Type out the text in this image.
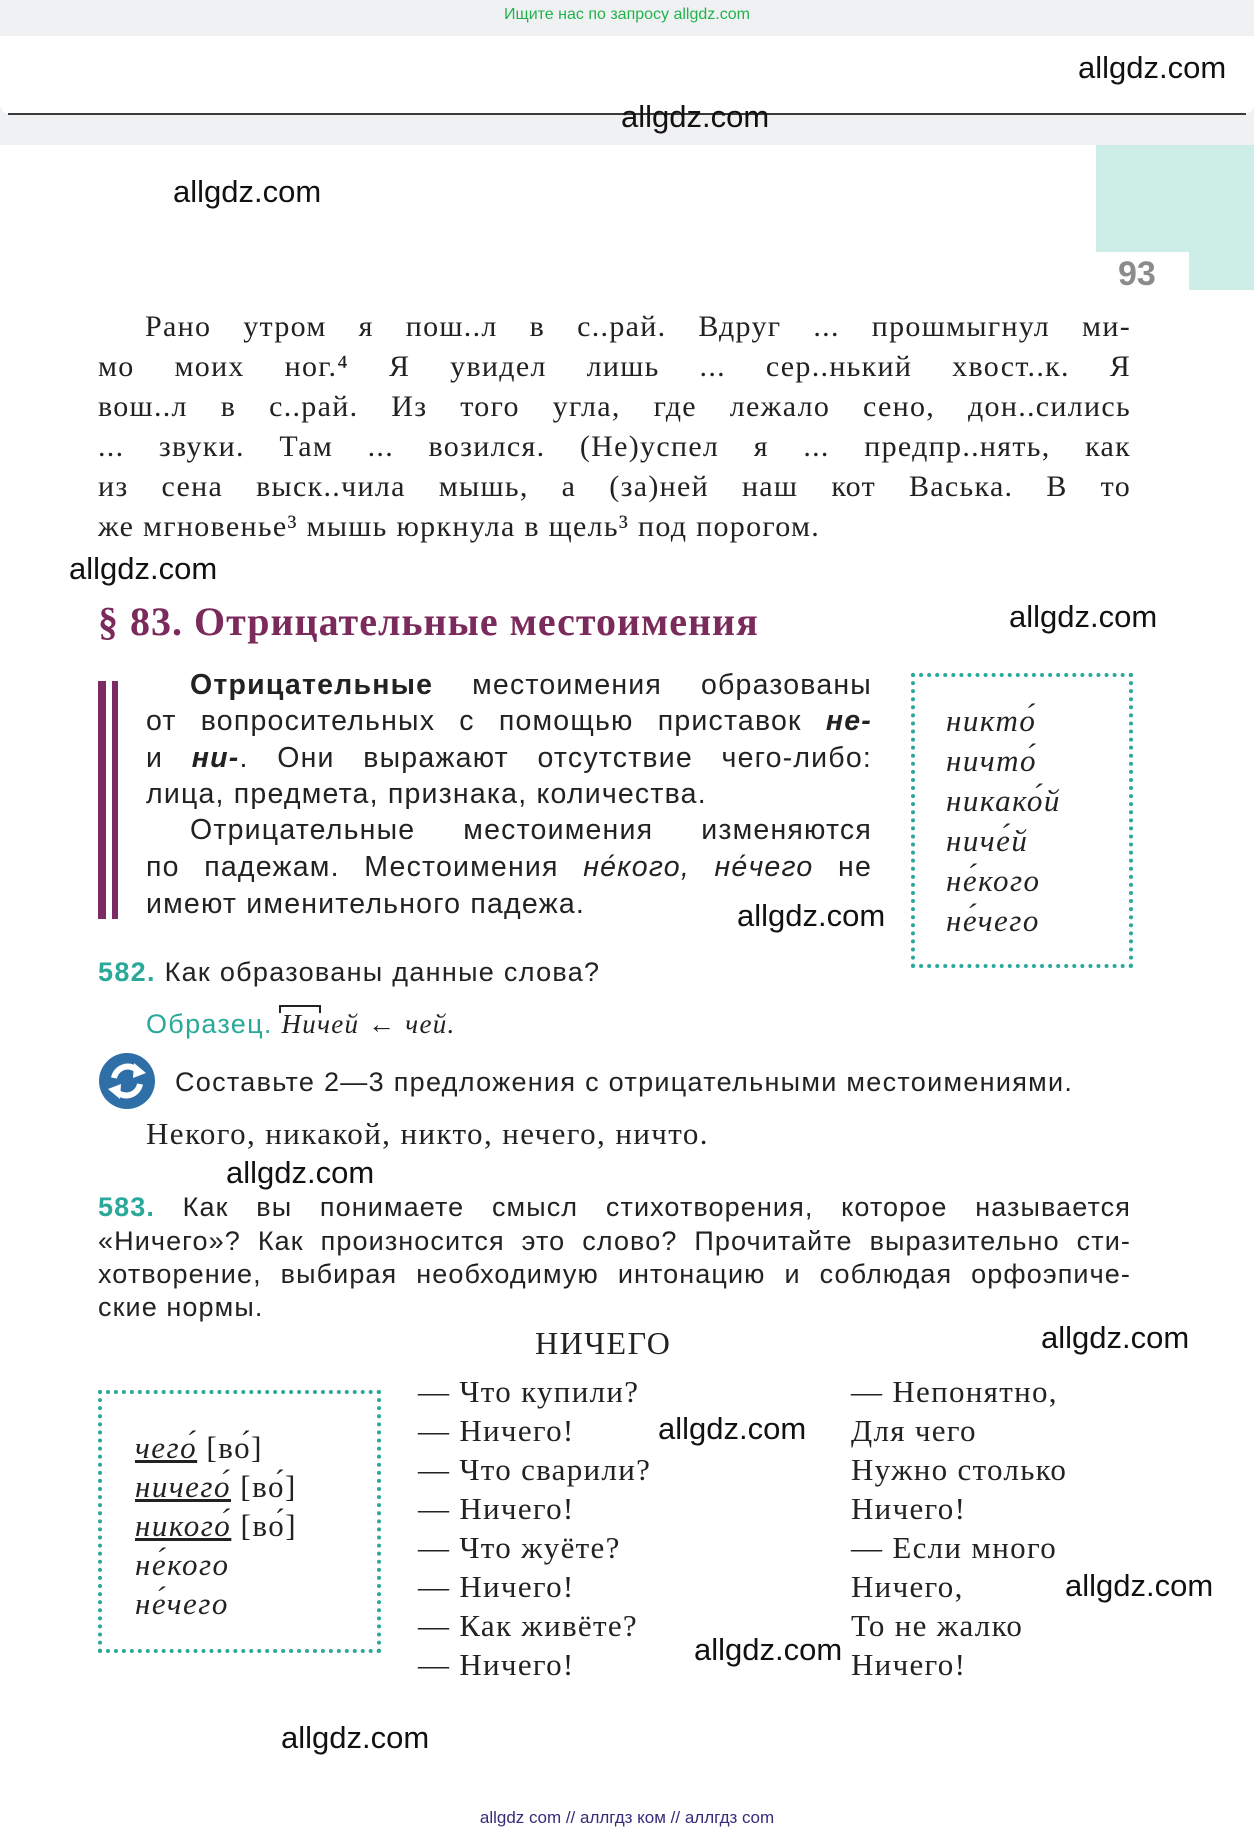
Ищите нас по запросу allgdz.com
93
allgdz.com
allgdz.com
allgdz.com
allgdz.com
allgdz.com
allgdz.com
allgdz.com
allgdz.com
allgdz.com
allgdz.com
allgdz.com
allgdz.com
Рано утром я пош..л в с..рай. Вдруг ... прошмыгнул ми-
мо моих ног.⁴ Я увидел лишь ... сер..нький хвост..к. Я
вош..л в с..рай. Из того угла, где лежало сено, дон..сились
... звуки. Там ... возился. (Не)успел я ... предпр..нять, как
из сена выск..чила мышь, а (за)ней наш кот Васька. В то
же мгновенье³ мышь юркнула в щель³ под порогом.
§ 83. Отрицательные местоимения
Отрицательные местоимения образованы
от вопросительных с помощью приставок не-
и ни-. Они выражают отсутствие чего-либо:
лица, предмета, признака, количества.
Отрицательные местоимения изменяются
по падежам. Местоимения не́кого, не́чего не
имеют именительного падежа.
никто́
ничто́
никако́й
ниче́й
не́кого
не́чего
582. Как образованы данные слова?
Образец. Ничей ← чей.
Составьте 2—3 предложения с отрицательными местоимениями.
Некого, никакой, никто, нечего, ничто.
583. Как вы понимаете смысл стихотворения, которое называется
«Ничего»? Как произносится это слово? Прочитайте выразительно сти-
хотворение, выбирая необходимую интонацию и соблюдая орфоэпиче-
ские нормы.
НИЧЕГО
чего́ [во́]
ничего́ [во́]
никого́ [во́]
не́кого
не́чего
— Что купили?
— Ничего!
— Что сварили?
— Ничего!
— Что жуёте?
— Ничего!
— Как живёте?
— Ничего!
— Непонятно,
Для чего
Нужно столько
Ничего!
— Если много
Ничего,
То не жалко
Ничего!
allgdz com // аллгдз ком // аллгдз com
